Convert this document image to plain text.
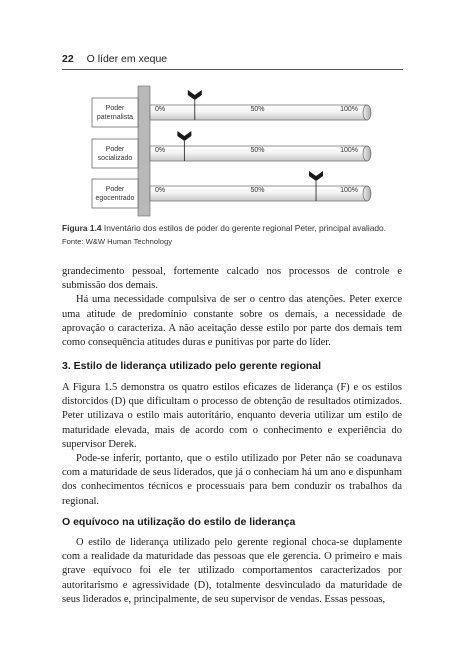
22 O líder em xeque
Poder
paternalista
0%	50%	100%
Poder
socializado
0%	50%	100%
Poder
egocentrado
0%	50%	100%
Figura 1.4 Inventário dos estilos de poder do gerente regional Peter, principal avaliado.
Fonte: W&W Human Technology

grandecimento pessoal, fortemente calcado nos processos de controle e submissão dos demais.

Há uma necessidade compulsiva de ser o centro das atenções. Peter exerce uma atitude de predomínio constante sobre os demais, a necessidade de aprovação o caracteriza. A não aceitação desse estilo por parte dos demais tem como consequência atitudes duras e punitivas por parte do líder.

3. Estilo de liderança utilizado pelo gerente regional

A Figura 1.5 demonstra os quatro estilos eficazes de liderança (F) e os estilos distorcidos (D) que dificultam o processo de obtenção de resultados otimizados. Peter utilizava o estilo mais autoritário, enquanto deveria utilizar um estilo de maturidade elevada, mais de acordo com o conhecimento e experiência do supervisor Derek.

Pode-se inferir, portanto, que o estilo utilizado por Peter não se coadunava com a maturidade de seus liderados, que já o conheciam há um ano e dispunham dos conhecimentos técnicos e processuais para bem conduzir os trabalhos da regional.

O equívoco na utilização do estilo de liderança

O estilo de liderança utilizado pelo gerente regional choca-se duplamente com a realidade da maturidade das pessoas que ele gerencia. O primeiro e mais grave equívoco foi ele ter utilizado comportamentos caracterizados por autoritarismo e agressividade (D), totalmente desvinculado da maturidade de seus liderados e, principalmente, de seu supervisor de vendas. Essas pessoas,
